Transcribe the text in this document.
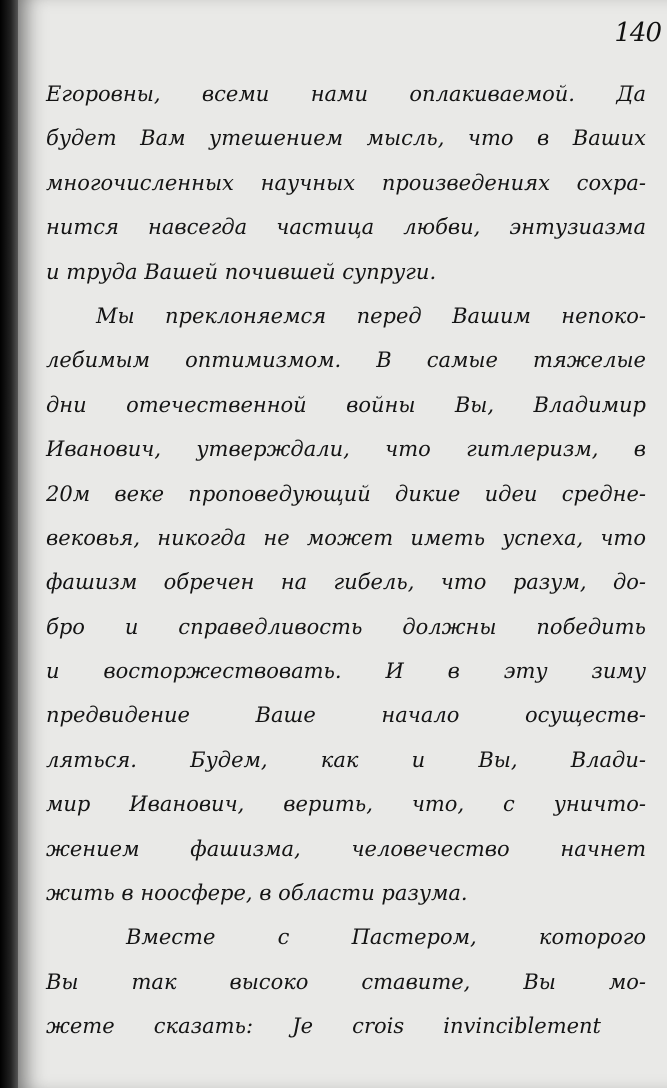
140
Егоровны, всеми нами оплакиваемой. Да
будет Вам утешением мысль, что в Ваших
многочисленных научных произведениях сохра-
нится навсегда частица любви, энтузиазма
и труда Вашей почившей супруги.
Мы преклоняемся перед Вашим непоко-
лебимым оптимизмом. В самые тяжелые
дни отечественной войны Вы, Владимир
Иванович, утверждали, что гитлеризм, в
20м веке проповедующий дикие идеи средне-
вековья, никогда не может иметь успеха, что
фашизм обречен на гибель, что разум, до-
бро и справедливость должны победить
и восторжествовать. И в эту зиму
предвидение Ваше начало осуществ-
ляться. Будем, как и Вы, Влади-
мир Иванович, верить, что, с уничто-
жением фашизма, человечество начнет
жить в ноосфере, в области разума.
Вместе с Пастером, которого
Вы так высоко ставите, Вы мо-
жете сказать: Je crois invinciblement
